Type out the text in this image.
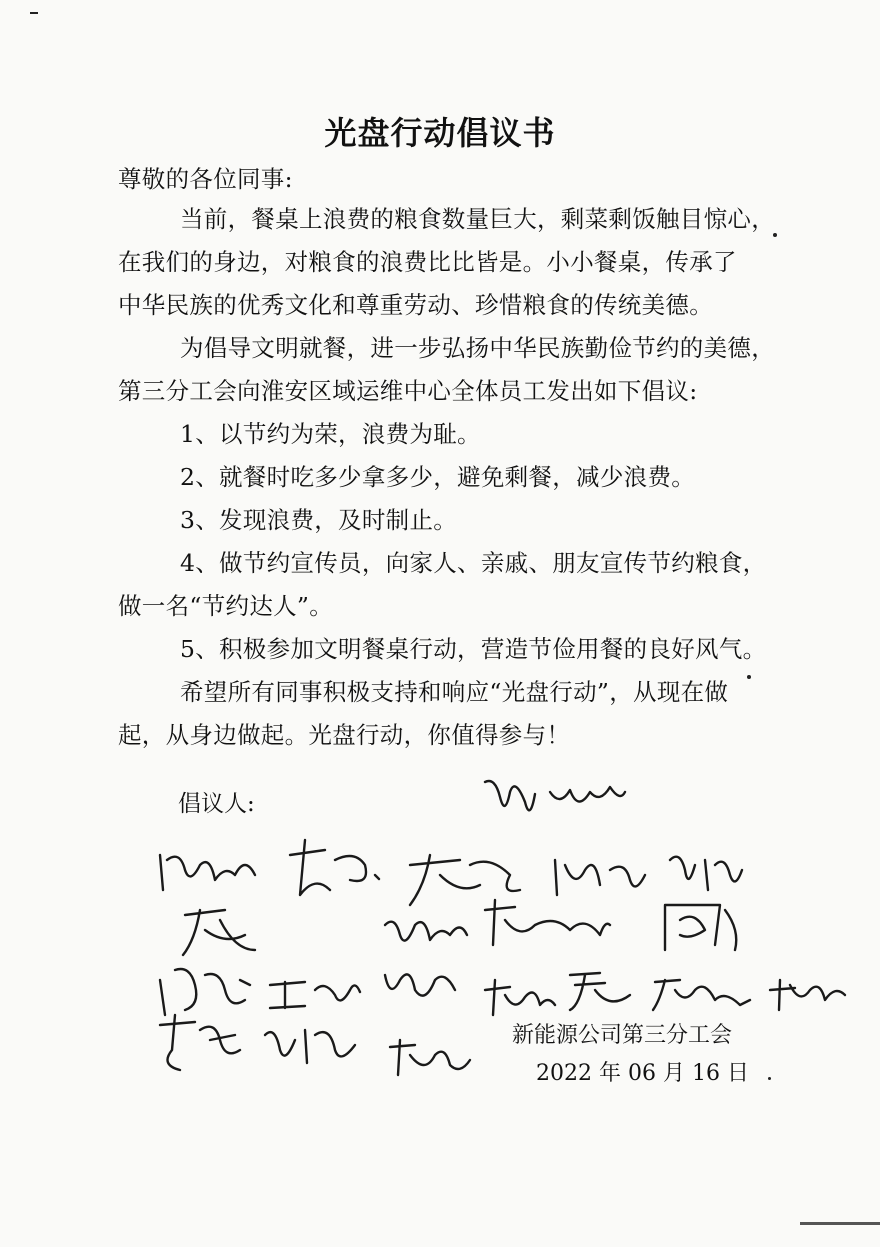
光盘行动倡议书
尊敬的各位同事:
当前，餐桌上浪费的粮食数量巨大，剩菜剩饭触目惊心，
在我们的身边，对粮食的浪费比比皆是。小小餐桌，传承了
中华民族的优秀文化和尊重劳动、珍惜粮食的传统美德。
为倡导文明就餐，进一步弘扬中华民族勤俭节约的美德，
第三分工会向淮安区域运维中心全体员工发出如下倡议:
1、以节约为荣，浪费为耻。
2、就餐时吃多少拿多少，避免剩餐，减少浪费。
3、发现浪费，及时制止。
4、做节约宣传员，向家人、亲戚、朋友宣传节约粮食，
做一名“节约达人”。
5、积极参加文明餐桌行动，营造节俭用餐的良好风气。
希望所有同事积极支持和响应“光盘行动”，从现在做
起，从身边做起。光盘行动，你值得参与！
倡议人:
新能源公司第三分工会
2022 年 06 月 16 日
